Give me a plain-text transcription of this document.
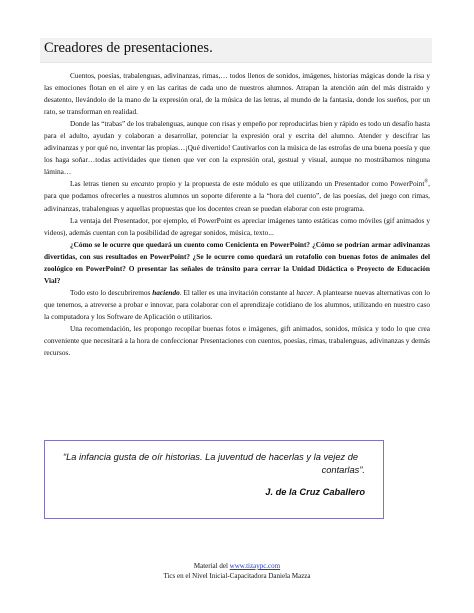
Creadores de presentaciones.

Cuentos, poesías, trabalenguas, adivinanzas, rimas,… todos llenos de sonidos, imágenes, historias mágicas donde la risa y las emociones flotan en el aire y en las caritas de cada uno de nuestros alumnos. Atrapan la atención aún del más distraído y desatento, llevándolo de la mano de la expresión oral, de la música de las letras, al mundo de la fantasía, donde los sueños, por un rato, se transforman en realidad.

Donde las “trabas” de los trabalenguas, aunque con risas y empeño por reproducirlas bien y rápido es todo un desafío hasta para el adulto, ayudan y colaboran a desarrollar, potenciar la expresión oral y escrita del alumno. Atender y descifrar las adivinanzas y por qué no, inventar las propias…¡Qué divertido! Cautivarlos con la música de las estrofas de una buena poesía y que los haga soñar…todas actividades que tienen que ver con la expresión oral, gestual y visual, aunque no mostrábamos ninguna lámina…

Las letras tienen su encanto propio y la propuesta de este módulo es que utilizando un Presentador como PowerPoint®, para que podamos ofrecerles a nuestros alumnos un soporte diferente a la “hora del cuento”, de las poesías, del juego con rimas, adivinanzas, trabalenguas y aquellas propuestas que los docentes crean se puedan elaborar con este programa.

La ventaja del Presentador, por ejemplo, el PowerPoint es apreciar imágenes tanto estáticas como móviles (gif animados y videos), además cuentan con la posibilidad de agregar sonidos, música, texto...

¿Cómo se le ocurre que quedará un cuento como Cenicienta en PowerPoint? ¿Cómo se podrían armar adivinanzas divertidas, con sus resultados en PowerPoint? ¿Se le ocurre como quedará un rotafolio con buenas fotos de animales del zoológico en PowerPoint? O presentar las señales de tránsito para cerrar la Unidad Didáctica o Proyecto de Educación Vial?

Todo esto lo descubriremos haciendo. El taller es una invitación constante al hacer. A plantearse nuevas alternativas con lo que tenemos, a atreverse a probar e innovar, para colaborar con el aprendizaje cotidiano de los alumnos, utilizando en nuestro caso la computadora y los Software de Aplicación o utilitarios.

Una recomendación, les propongo recopilar buenas fotos e imágenes, gift animados, sonidos, música y todo lo que crea conveniente que necesitará a la hora de confeccionar Presentaciones con cuentos, poesías, rimas, trabalenguas, adivinanzas y demás recursos.

“La infancia gusta de oír historias. La juventud de hacerlas y la vejez de
contarlas”.
J. de la Cruz Caballero
Material del www.tizaypc.com
Tics en el Nivel Inicial-Capacitadora Daniela Mazza
